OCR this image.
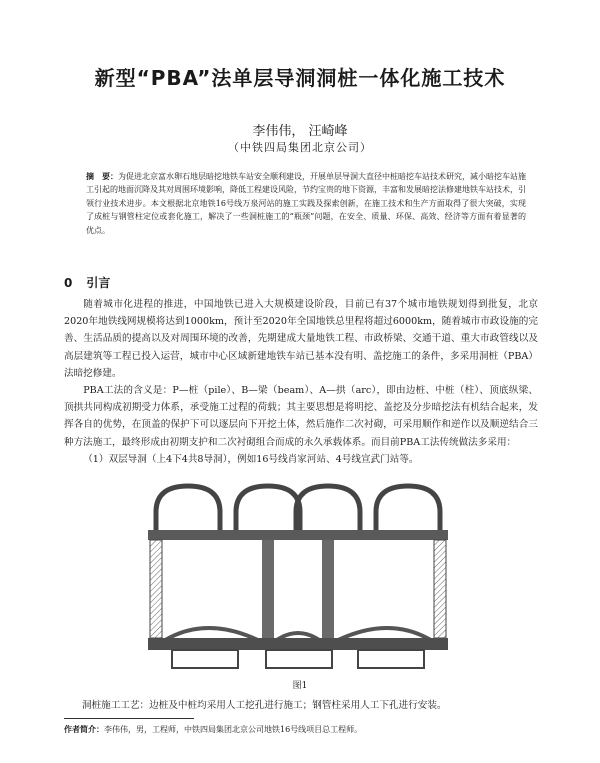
新型“PBA”法单层导洞洞桩一体化施工技术
李伟伟， 汪崎峰
（中铁四局集团北京公司）
摘　要：为促进北京富水卵石地层暗挖地铁车站安全顺利建设，开展单层导洞大直径中桩暗挖车站技术研究，减小暗挖车站施工引起的地面沉降及其对周围环境影响，降低工程建设风险，节约宝贵的地下资源，丰富和发展暗挖法修建地铁车站技术，引领行业技术进步。本文根据北京地铁16号线万泉河站的施工实践及探索创新，在施工技术和生产方面取得了很大突破，实现了成桩与钢管柱定位或套化施工，解决了一些洞桩施工的“瓶颈”问题，在安全、质量、环保、高效、经济等方面有着显著的优点。
0 引言

随着城市化进程的推进，中国地铁已进入大规模建设阶段，目前已有37个城市地铁规划得到批复，北京2020年地铁线网规模将达到1000km，预计至2020年全国地铁总里程将超过6000km，随着城市市政设施的完善、生活品质的提高以及对周围环境的改善，先期建成大量地铁工程、市政桥梁、交通干道、重大市政管线以及高层建筑等工程已投入运营，城市中心区域新建地铁车站已基本没有明、盖挖施工的条件，多采用洞桩（PBA）法暗挖修建。

PBA工法的含义是：P—桩（pile）、B—梁（beam）、A—拱（arc），即由边桩、中桩（柱）、顶底纵梁、顶拱共同构成初期受力体系，承受施工过程的荷载；其主要思想是将明挖、盖挖及分步暗挖法有机结合起来，发挥各自的优势，在顶盖的保护下可以逐层向下开挖土体，然后施作二次衬砌，可采用顺作和逆作以及顺逆结合三种方法施工，最终形成由初期支护和二次衬砌组合而成的永久承载体系。而目前PBA工法传统做法多采用：

（1）双层导洞（上4下4共8导洞），例如16号线肖家河站、4号线宣武门站等。

图1
洞桩施工工艺：边桩及中桩均采用人工挖孔进行施工；钢管柱采用人工下孔进行安装。
作者简介：李伟伟，男，工程师，中铁四局集团北京公司地铁16号线项目总工程师。
